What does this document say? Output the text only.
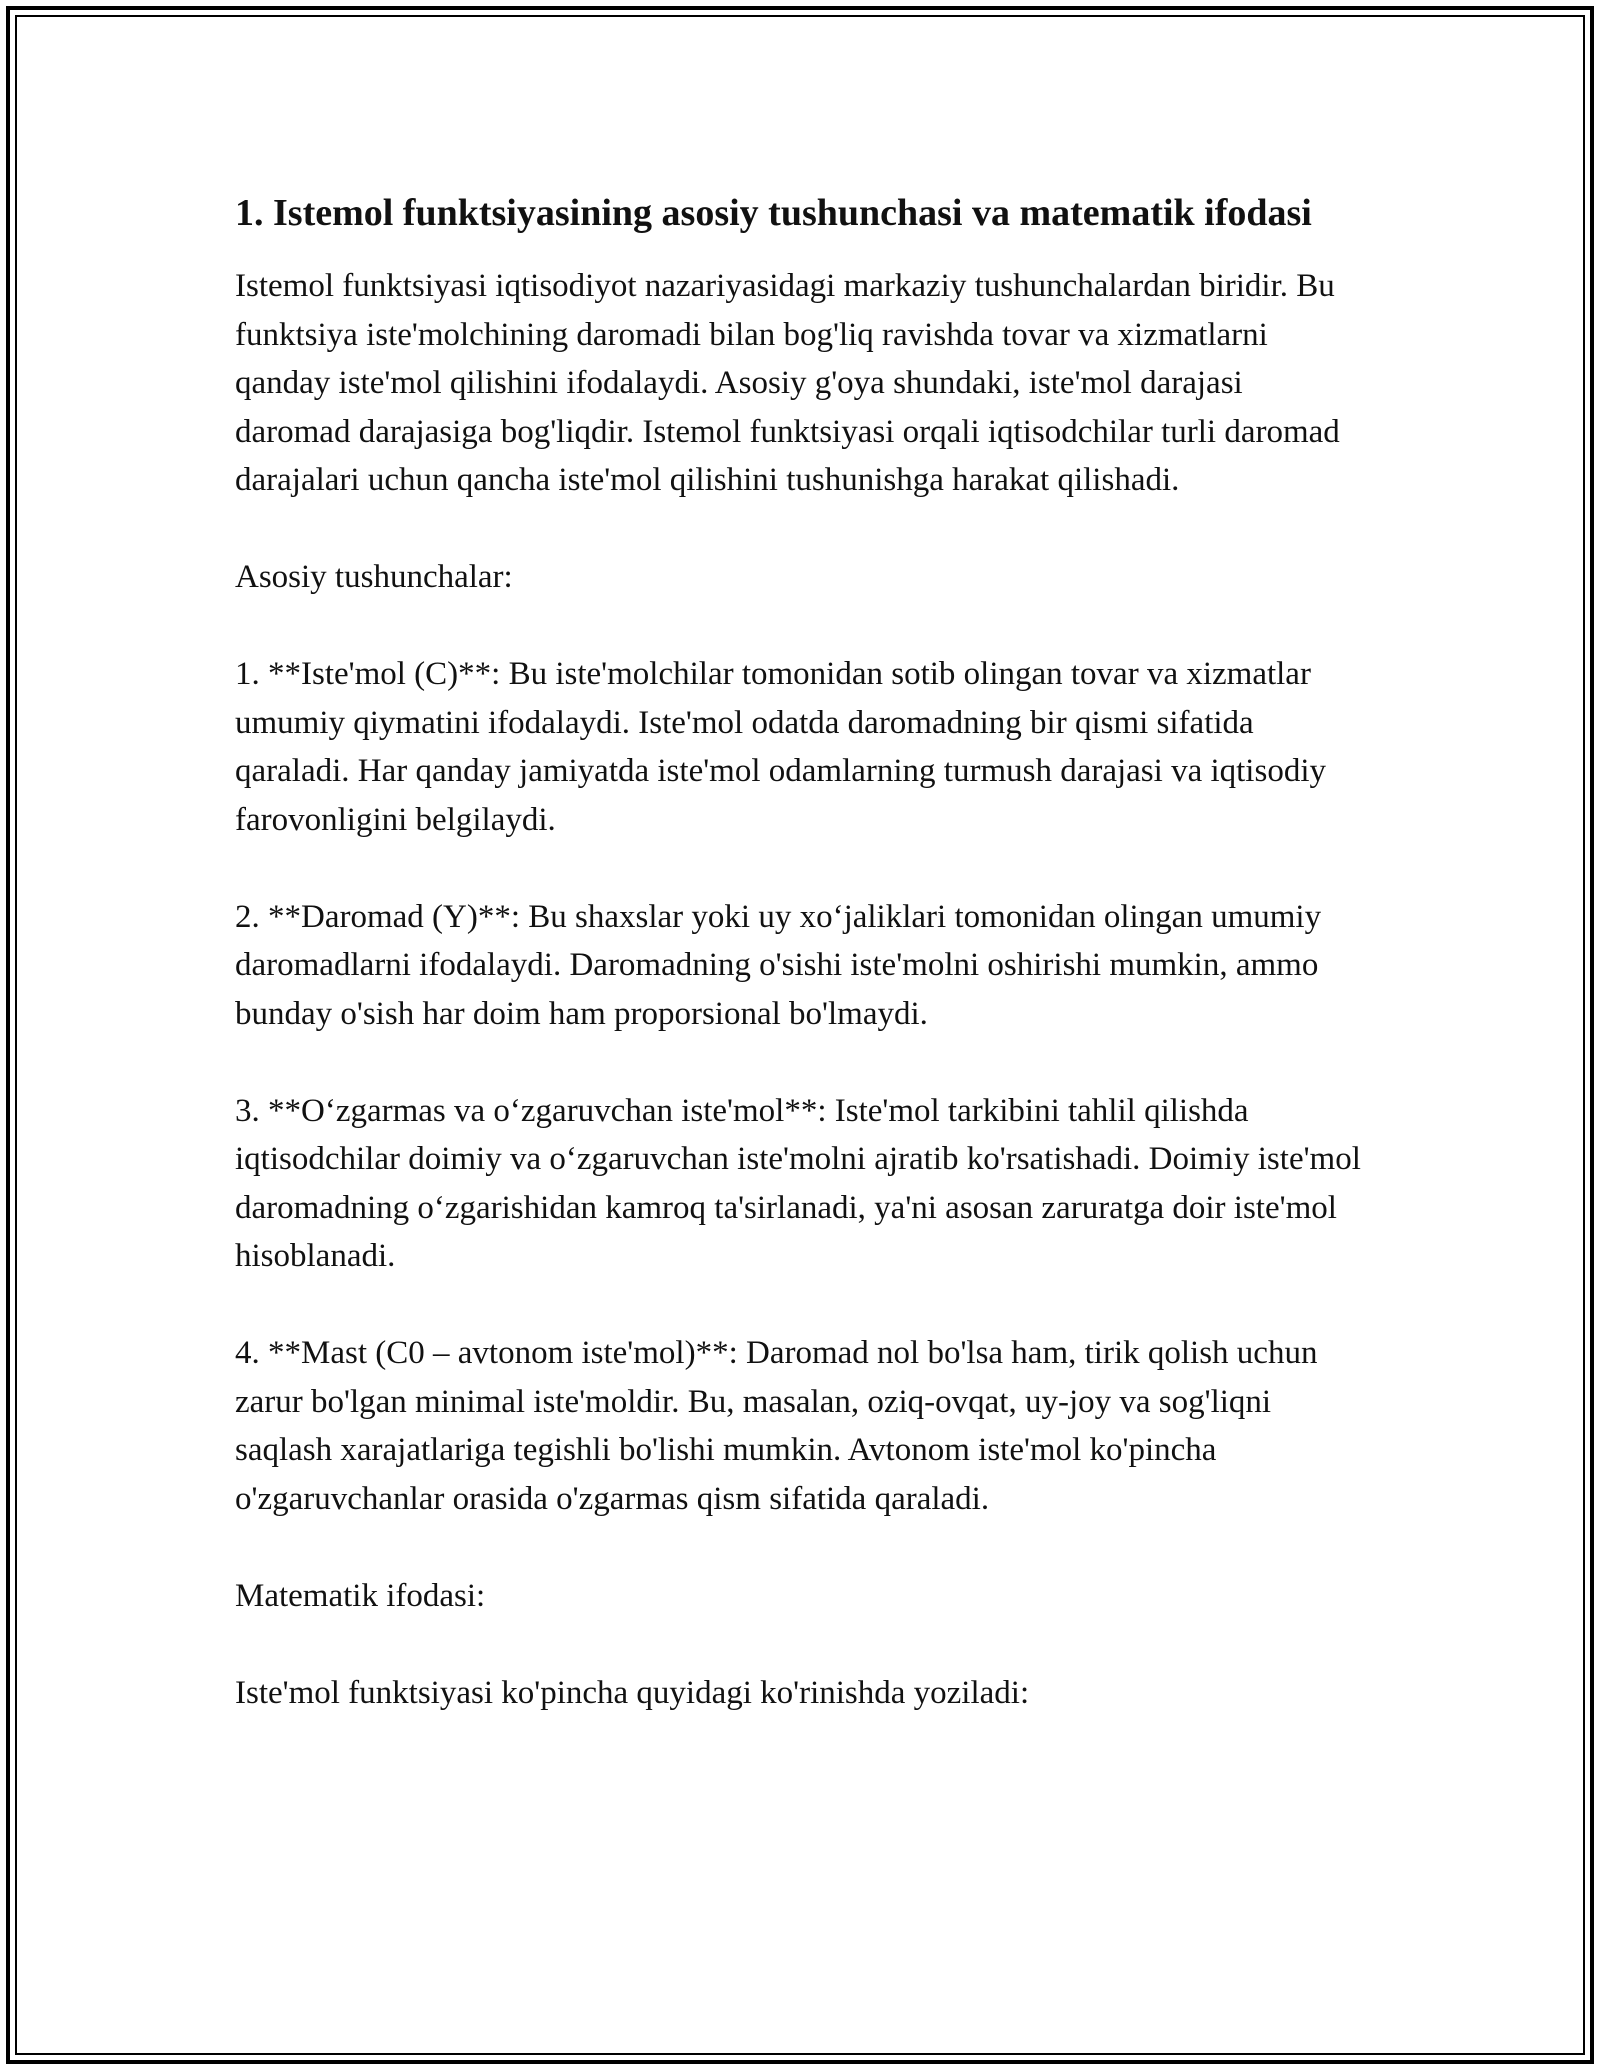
1. Istemol funktsiyasining asosiy tushunchasi va matematik ifodasi

Istemol funktsiyasi iqtisodiyot nazariyasidagi markaziy tushunchalardan biridir. Bu funktsiya iste'molchining daromadi bilan bog'liq ravishda tovar va xizmatlarni qanday iste'mol qilishini ifodalaydi. Asosiy g'oya shundaki, iste'mol darajasi daromad darajasiga bog'liqdir. Istemol funktsiyasi orqali iqtisodchilar turli daromad darajalari uchun qancha iste'mol qilishini tushunishga harakat qilishadi.

Asosiy tushunchalar:

1. **Iste'mol (C)**: Bu iste'molchilar tomonidan sotib olingan tovar va xizmatlar umumiy qiymatini ifodalaydi. Iste'mol odatda daromadning bir qismi sifatida qaraladi. Har qanday jamiyatda iste'mol odamlarning turmush darajasi va iqtisodiy farovonligini belgilaydi.

2. **Daromad (Y)**: Bu shaxslar yoki uy xo‘jaliklari tomonidan olingan umumiy daromadlarni ifodalaydi. Daromadning o'sishi iste'molni oshirishi mumkin, ammo bunday o'sish har doim ham proporsional bo'lmaydi.

3. **O‘zgarmas va o‘zgaruvchan iste'mol**: Iste'mol tarkibini tahlil qilishda iqtisodchilar doimiy va o‘zgaruvchan iste'molni ajratib ko'rsatishadi. Doimiy iste'mol daromadning o‘zgarishidan kamroq ta'sirlanadi, ya'ni asosan zaruratga doir iste'mol hisoblanadi.

4. **Mast (C0 – avtonom iste'mol)**: Daromad nol bo'lsa ham, tirik qolish uchun zarur bo'lgan minimal iste'moldir. Bu, masalan, oziq-ovqat, uy-joy va sog'liqni saqlash xarajatlariga tegishli bo'lishi mumkin. Avtonom iste'mol ko'pincha o'zgaruvchanlar orasida o'zgarmas qism sifatida qaraladi.

Matematik ifodasi:

Iste'mol funktsiyasi ko'pincha quyidagi ko'rinishda yoziladi:
